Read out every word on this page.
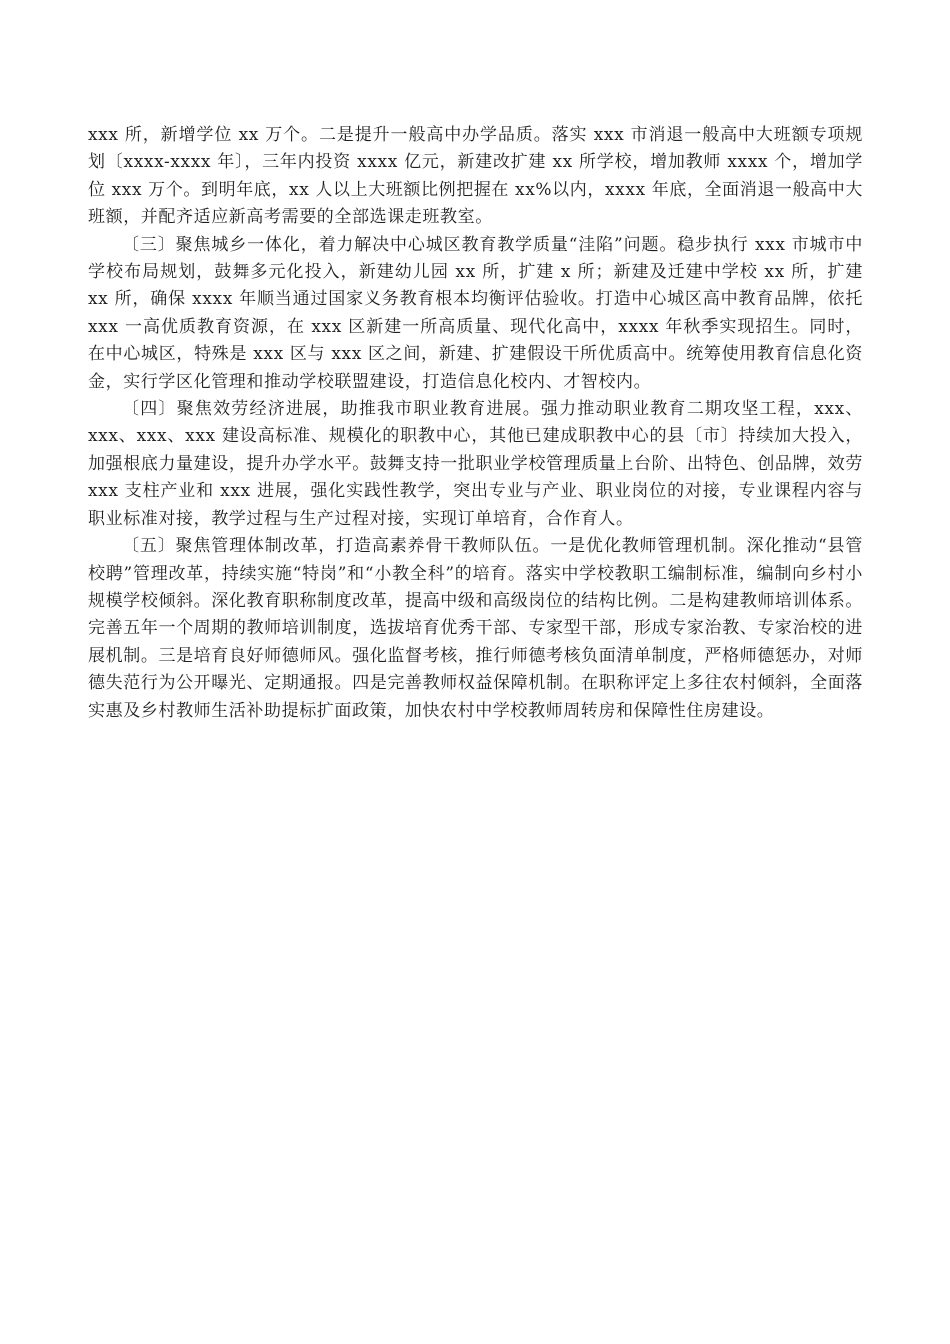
xxx 所，新增学位 xx 万个。二是提升一般高中办学品质。落实 xxx 市消退一般高中大班额专项规划〔xxxx-xxxx 年〕，三年内投资 xxxx 亿元，新建改扩建 xx 所学校，增加教师 xxxx 个，增加学位 xxx 万个。到明年底，xx 人以上大班额比例把握在 xx%以内，xxxx 年底，全面消退一般高中大班额，并配齐适应新高考需要的全部选课走班教室。

〔三〕聚焦城乡一体化，着力解决中心城区教育教学质量“洼陷”问题。稳步执行 xxx 市城市中学校布局规划，鼓舞多元化投入，新建幼儿园 xx 所，扩建 x 所；新建及迁建中学校 xx 所，扩建 xx 所，确保 xxxx 年顺当通过国家义务教育根本均衡评估验收。打造中心城区高中教育品牌，依托 xxx 一高优质教育资源，在 xxx 区新建一所高质量、现代化高中，xxxx 年秋季实现招生。同时，在中心城区，特殊是 xxx 区与 xxx 区之间，新建、扩建假设干所优质高中。统筹使用教育信息化资金，实行学区化管理和推动学校联盟建设，打造信息化校内、才智校内。

〔四〕聚焦效劳经济进展，助推我市职业教育进展。强力推动职业教育二期攻坚工程，xxx、xxx、xxx、xxx 建设高标准、规模化的职教中心，其他已建成职教中心的县〔市〕持续加大投入，加强根底力量建设，提升办学水平。鼓舞支持一批职业学校管理质量上台阶、出特色、创品牌，效劳 xxx 支柱产业和 xxx 进展，强化实践性教学，突出专业与产业、职业岗位的对接，专业课程内容与职业标准对接，教学过程与生产过程对接，实现订单培育，合作育人。

〔五〕聚焦管理体制改革，打造高素养骨干教师队伍。一是优化教师管理机制。深化推动“县管校聘”管理改革，持续实施“特岗”和“小教全科”的培育。落实中学校教职工编制标准，编制向乡村小规模学校倾斜。深化教育职称制度改革，提高中级和高级岗位的结构比例。二是构建教师培训体系。完善五年一个周期的教师培训制度，选拔培育优秀干部、专家型干部，形成专家治教、专家治校的进展机制。三是培育良好师德师风。强化监督考核，推行师德考核负面清单制度，严格师德惩办，对师德失范行为公开曝光、定期通报。四是完善教师权益保障机制。在职称评定上多往农村倾斜，全面落实惠及乡村教师生活补助提标扩面政策，加快农村中学校教师周转房和保障性住房建设。
